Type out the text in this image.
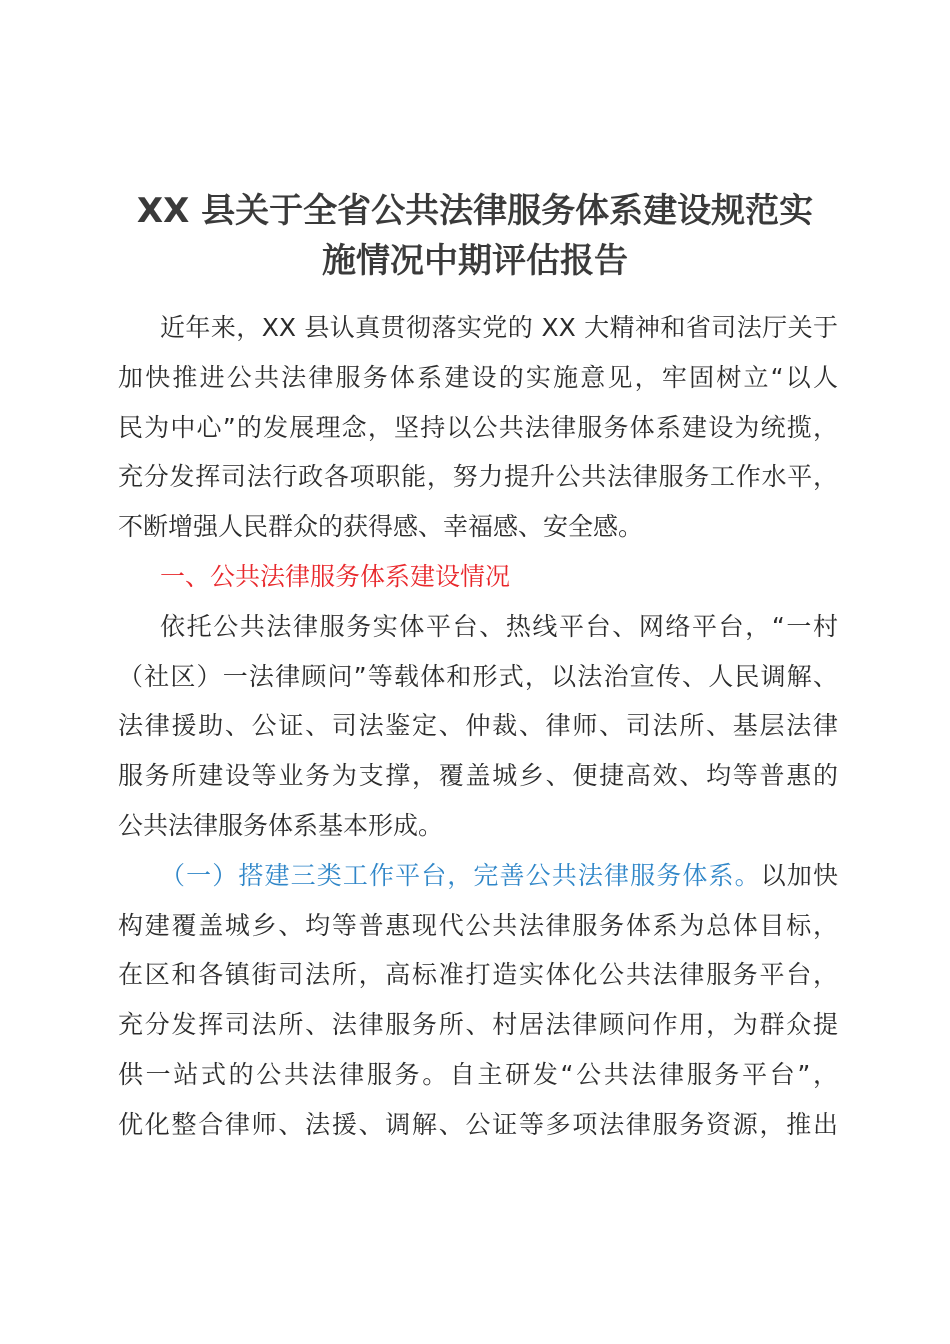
XX 县关于全省公共法律服务体系建设规范实
施情况中期评估报告
近年来，XX 县认真贯彻落实党的 XX 大精神和省司法厅关于
加快推进公共法律服务体系建设的实施意见，牢固树立“以人
民为中心”的发展理念，坚持以公共法律服务体系建设为统揽，
充分发挥司法行政各项职能，努力提升公共法律服务工作水平，
不断增强人民群众的获得感、幸福感、安全感。
一、公共法律服务体系建设情况
依托公共法律服务实体平台、热线平台、网络平台，“一村
（社区）一法律顾问”等载体和形式，以法治宣传、人民调解、
法律援助、公证、司法鉴定、仲裁、律师、司法所、基层法律
服务所建设等业务为支撑，覆盖城乡、便捷高效、均等普惠的
公共法律服务体系基本形成。
（一）搭建三类工作平台，完善公共法律服务体系。以加快
构建覆盖城乡、均等普惠现代公共法律服务体系为总体目标，
在区和各镇街司法所，高标准打造实体化公共法律服务平台，
充分发挥司法所、法律服务所、村居法律顾问作用，为群众提
供一站式的公共法律服务。自主研发“公共法律服务平台”，
优化整合律师、法援、调解、公证等多项法律服务资源，推出
